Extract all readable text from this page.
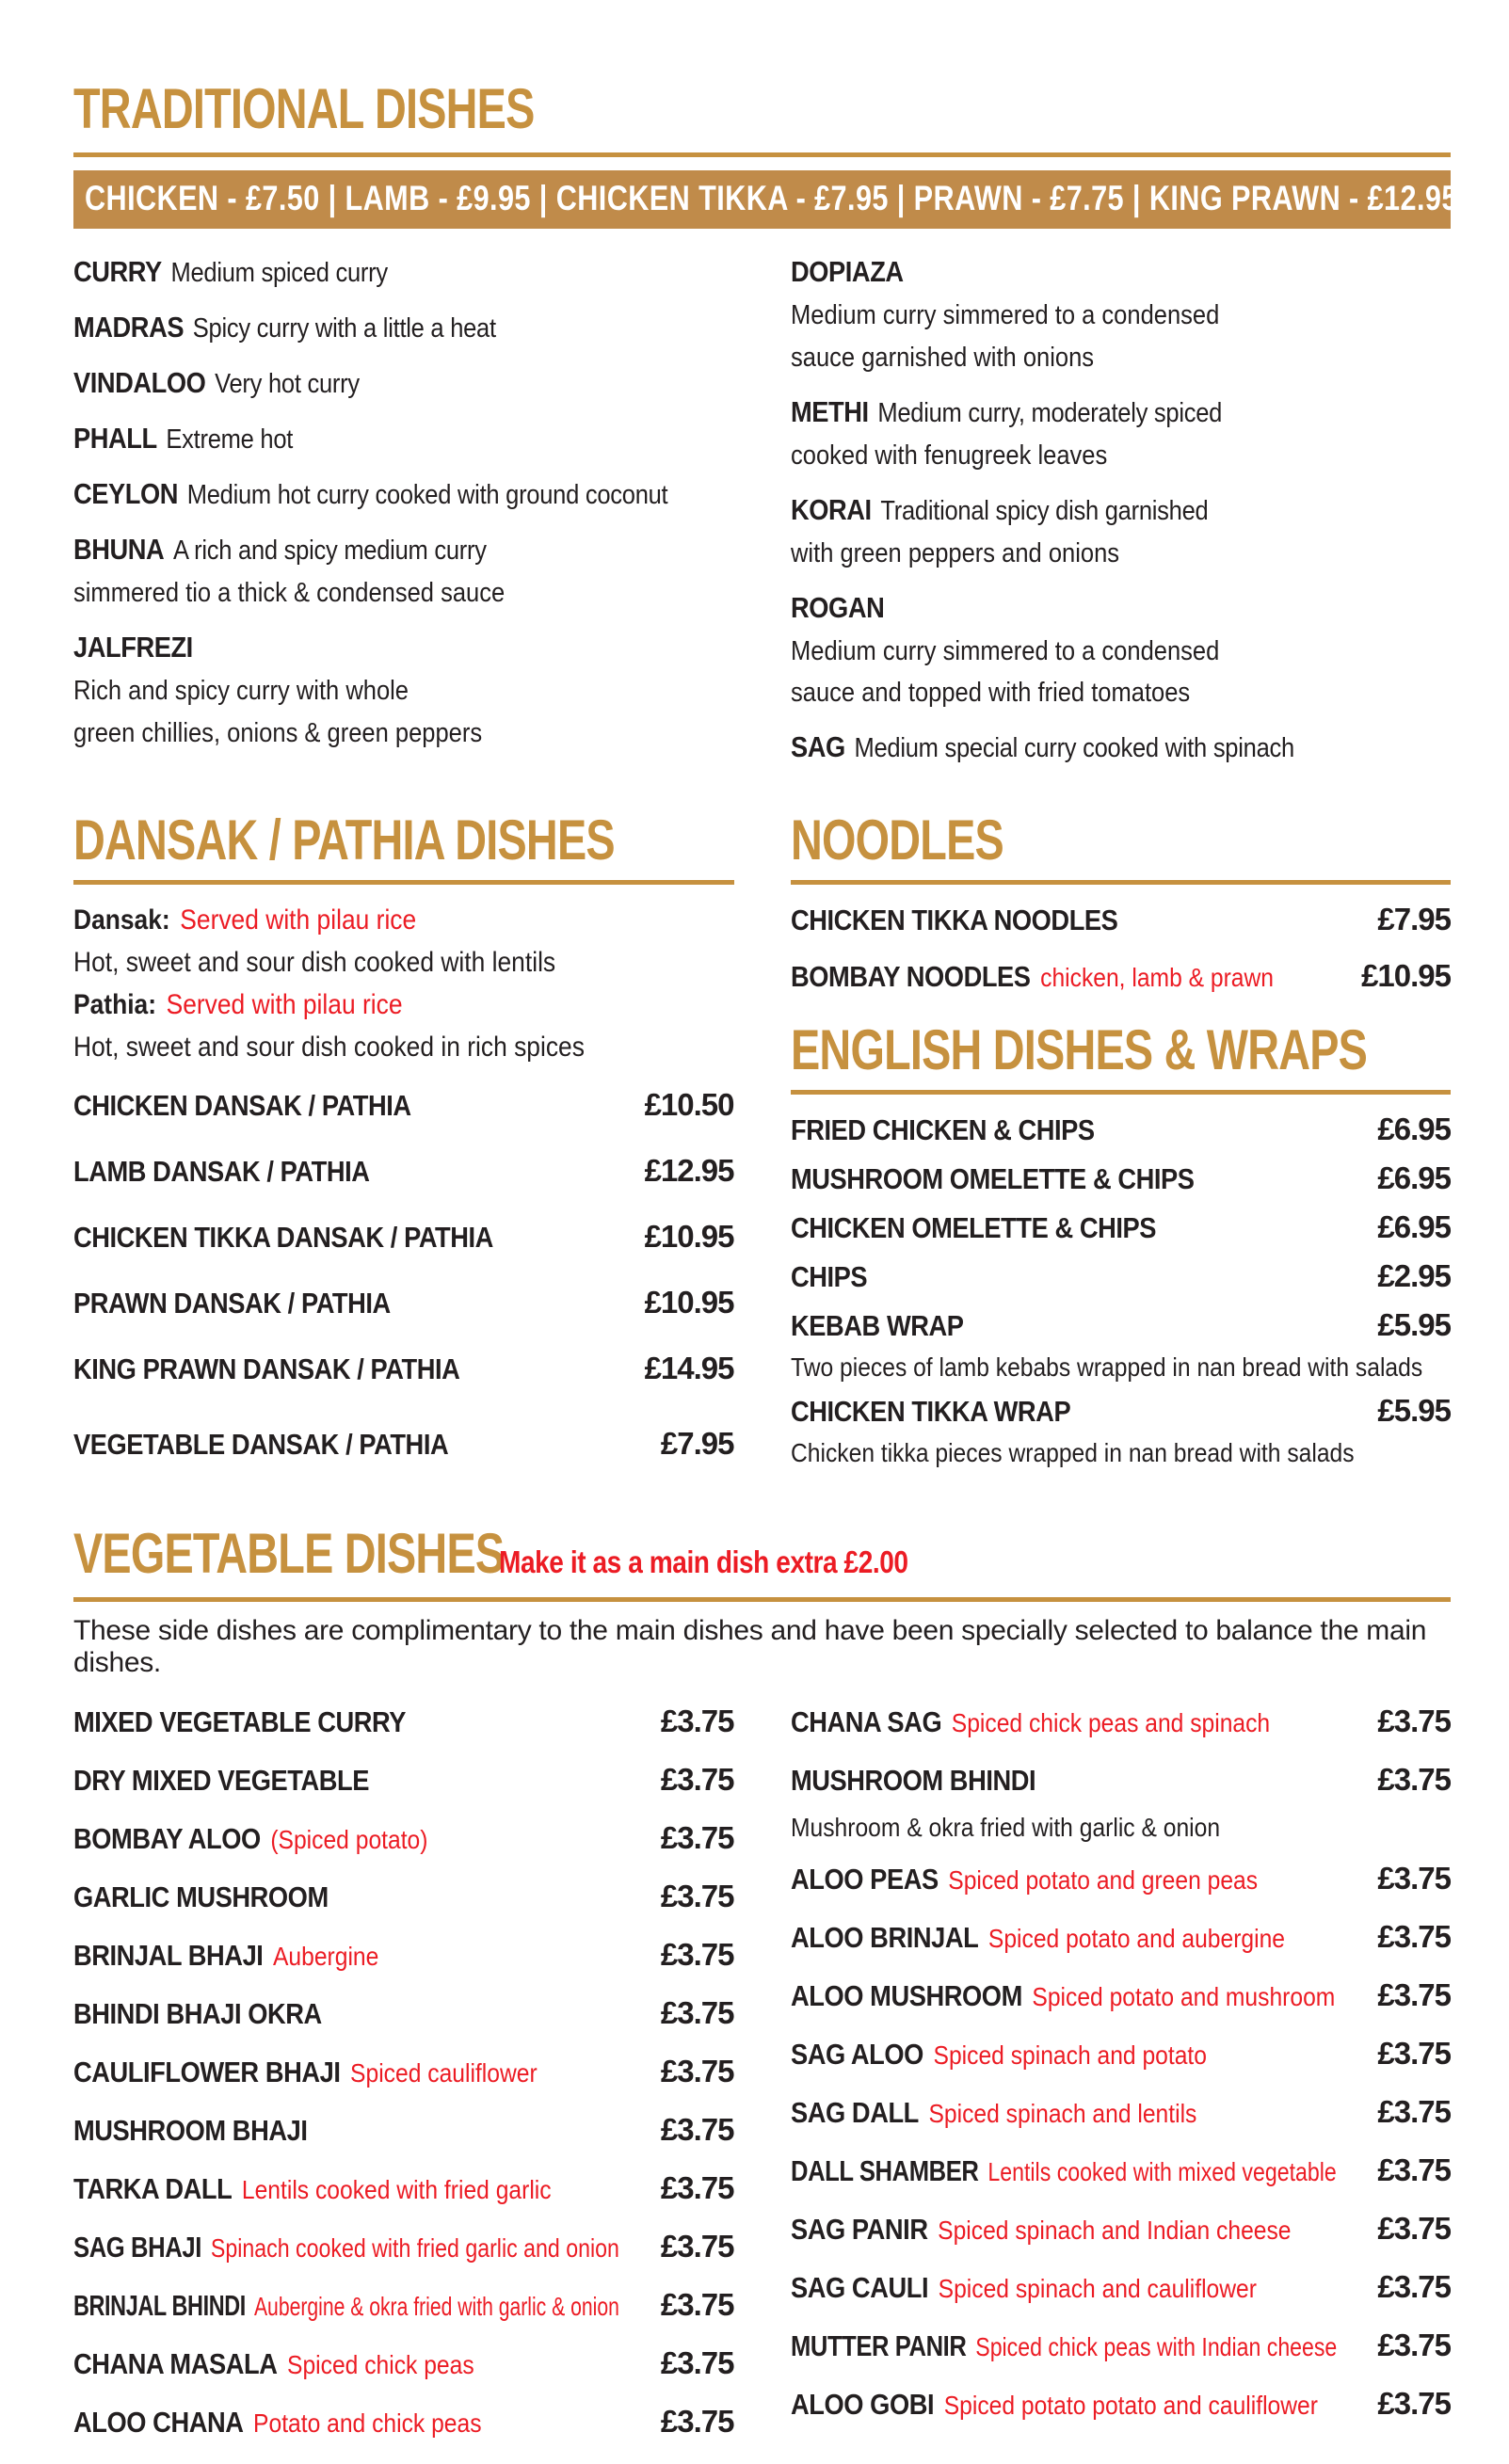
TRADITIONAL DISHES
CHICKEN - £7.50 | LAMB - £9.95 | CHICKEN TIKKA - £7.95 | PRAWN - £7.75 | KING PRAWN - £12.95
CURRY Medium spiced curry
MADRAS Spicy curry with a little a heat
VINDALOO Very hot curry
PHALL Extreme hot
CEYLON Medium hot curry cooked with ground coconut
BHUNA A rich and spicy medium curry
simmered tio a thick & condensed sauce
JALFREZI
Rich and spicy curry with whole
green chillies, onions & green peppers
DOPIAZA
Medium curry simmered to a condensed
sauce garnished with onions
METHI Medium curry, moderately spiced
cooked with fenugreek leaves
KORAI Traditional spicy dish garnished
with green peppers and onions
ROGAN
Medium curry simmered to a condensed
sauce and topped with fried tomatoes
SAG Medium special curry cooked with spinach
DANSAK / PATHIA DISHES
Dansak: Served with pilau rice
Hot, sweet and sour dish cooked with lentils
Pathia: Served with pilau rice
Hot, sweet and sour dish cooked in rich spices
CHICKEN DANSAK / PATHIA	£10.50
LAMB DANSAK / PATHIA	£12.95
CHICKEN TIKKA DANSAK / PATHIA	£10.95
PRAWN DANSAK / PATHIA	£10.95
KING PRAWN DANSAK / PATHIA	£14.95
VEGETABLE DANSAK / PATHIA	£7.95
NOODLES
CHICKEN TIKKA NOODLES	£7.95
BOMBAY NOODLES chicken, lamb & prawn	£10.95
ENGLISH DISHES & WRAPS
FRIED CHICKEN & CHIPS	£6.95
MUSHROOM OMELETTE & CHIPS	£6.95
CHICKEN OMELETTE & CHIPS	£6.95
CHIPS	£2.95
KEBAB WRAP	£5.95
Two pieces of lamb kebabs wrapped in nan bread with salads
CHICKEN TIKKA WRAP	£5.95
Chicken tikka pieces wrapped in nan bread with salads
VEGETABLE DISHES
Make it as a main dish extra £2.00
These side dishes are complimentary to the main dishes and have been specially selected to balance the main dishes.
MIXED VEGETABLE CURRY	£3.75
DRY MIXED VEGETABLE	£3.75
BOMBAY ALOO (Spiced potato)	£3.75
GARLIC MUSHROOM	£3.75
BRINJAL BHAJI Aubergine	£3.75
BHINDI BHAJI OKRA	£3.75
CAULIFLOWER BHAJI Spiced cauliflower	£3.75
MUSHROOM BHAJI	£3.75
TARKA DALL Lentils cooked with fried garlic	£3.75
SAG BHAJI Spinach cooked with fried garlic and onion £3.75
BRINJAL BHINDI Aubergine & okra fried with garlic & onion £3.75
CHANA MASALA Spiced chick peas	£3.75
ALOO CHANA Potato and chick peas	£3.75
CHANA SAG Spiced chick peas and spinach	£3.75
MUSHROOM BHINDI	£3.75
Mushroom & okra fried with garlic & onion
ALOO PEAS Spiced potato and green peas	£3.75
ALOO BRINJAL Spiced potato and aubergine	£3.75
ALOO MUSHROOM Spiced potato and mushroom £3.75
SAG ALOO Spiced spinach and potato	£3.75
SAG DALL Spiced spinach and lentils	£3.75
DALL SHAMBER Lentils cooked with mixed vegetable £3.75
SAG PANIR Spiced spinach and Indian cheese	£3.75
SAG CAULI Spiced spinach and cauliflower	£3.75
MUTTER PANIR Spiced chick peas with Indian cheese £3.75
ALOO GOBI Spiced potato potato and cauliflower £3.75
